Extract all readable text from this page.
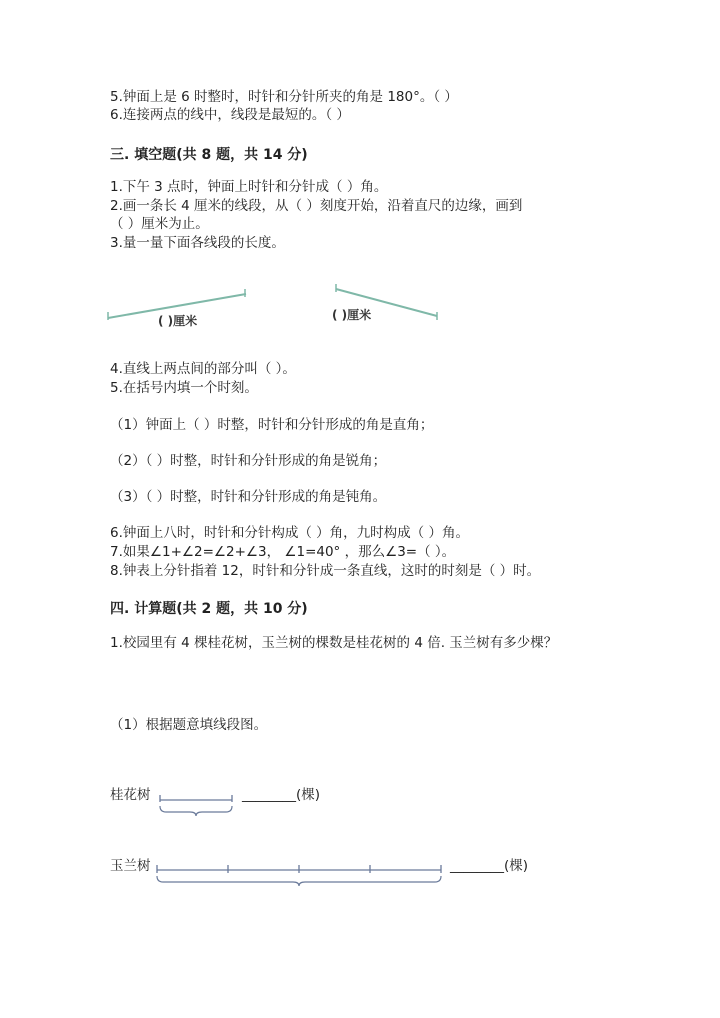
5.钟面上是 6 时整时，时针和分针所夹的角是 180°。（ ）
6.连接两点的线中，线段是最短的。（ ）
三. 填空题(共 8 题，共 14 分)
1.下午 3 点时，钟面上时针和分针成（ ）角。
2.画一条长 4 厘米的线段，从（ ）刻度开始，沿着直尺的边缘，画到
（ ）厘米为止。
3.量一量下面各线段的长度。
( )厘米	( )厘米
4.直线上两点间的部分叫（ ）。
5.在括号内填一个时刻。
（1）钟面上（ ）时整，时针和分针形成的角是直角；
（2）（ ）时整，时针和分针形成的角是锐角；
（3）（ ）时整，时针和分针形成的角是钝角。
6.钟面上八时，时针和分针构成（ ）角，九时构成（ ）角。
7.如果∠1+∠2=∠2+∠3， ∠1=40° ，那么∠3=（ ）。
8.钟表上分针指着 12，时针和分针成一条直线，这时的时刻是（ ）时。
四. 计算题(共 2 题，共 10 分)
1.校园里有 4 棵桂花树，玉兰树的棵数是桂花树的 4 倍. 玉兰树有多少棵？
（1）根据题意填线段图。
桂花树	________(棵)
玉兰树	________(棵)
